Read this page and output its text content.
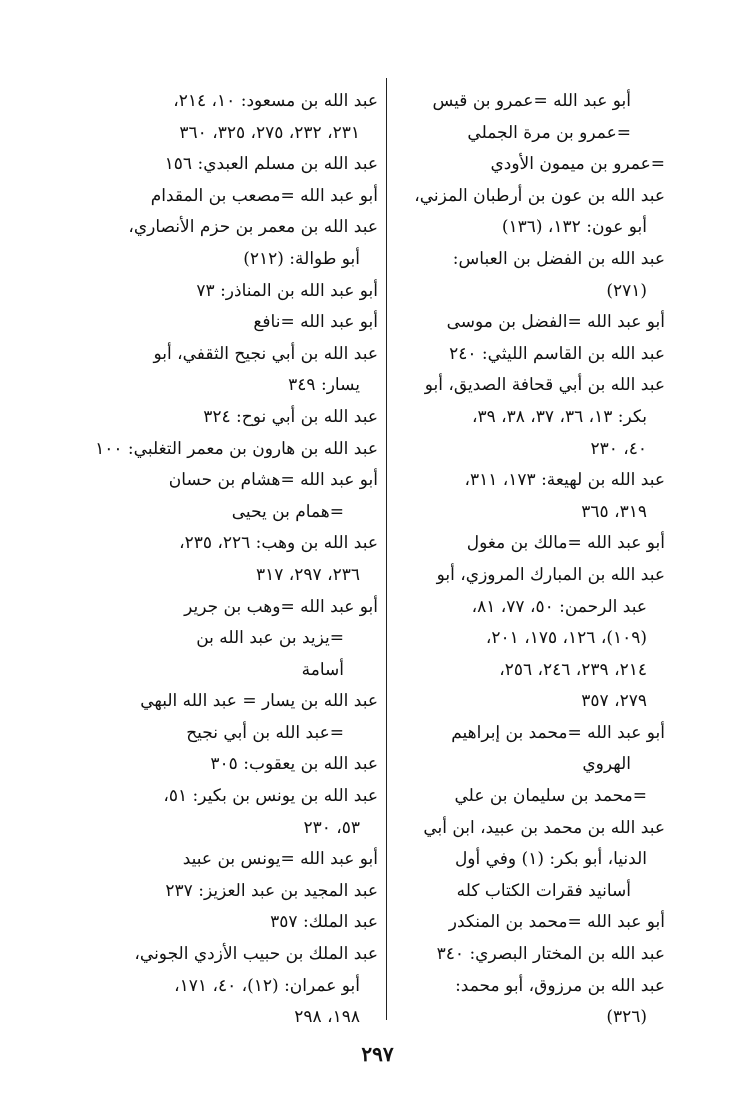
أبو عبد الله =عمرو بن قيس
=عمرو بن مرة الجملي
=عمرو بن ميمون الأودي
عبد الله بن عون بن أرطبان المزني،
أبو عون: ١٣٢، (١٣٦)
عبد الله بن الفضل بن العباس:
(٢٧١)
أبو عبد الله =الفضل بن موسى
عبد الله بن القاسم الليثي: ٢٤٠
عبد الله بن أبي قحافة الصديق، أبو
بكر: ١٣، ٣٦، ٣٧، ٣٨، ٣٩،
٤٠، ٢٣٠
عبد الله بن لهيعة: ١٧٣، ٣١١،
٣١٩، ٣٦٥
أبو عبد الله =مالك بن مغول
عبد الله بن المبارك المروزي، أبو
عبد الرحمن: ٥٠، ٧٧، ٨١،
(١٠٩)، ١٢٦، ١٧٥، ٢٠١،
٢١٤، ٢٣٩، ٢٤٦، ٢٥٦،
٢٧٩، ٣٥٧
أبو عبد الله =محمد بن إبراهيم
الهروي
=محمد بن سليمان بن علي
عبد الله بن محمد بن عبيد، ابن أبي
الدنيا، أبو بكر: (١) وفي أول
أسانيد فقرات الكتاب كله
أبو عبد الله =محمد بن المنكدر
عبد الله بن المختار البصري: ٣٤٠
عبد الله بن مرزوق، أبو محمد:
(٣٢٦)
عبد الله بن مسعود: ١٠، ٢١٤،
٢٣١، ٢٣٢، ٢٧٥، ٣٢٥، ٣٦٠
عبد الله بن مسلم العبدي: ١٥٦
أبو عبد الله =مصعب بن المقدام
عبد الله بن معمر بن حزم الأنصاري،
أبو طوالة: (٢١٢)
أبو عبد الله بن المناذر: ٧٣
أبو عبد الله =نافع
عبد الله بن أبي نجيح الثقفي، أبو
يسار: ٣٤٩
عبد الله بن أبي نوح: ٣٢٤
عبد الله بن هارون بن معمر التغلبي: ١٠٠
أبو عبد الله =هشام بن حسان
=همام بن يحيى
عبد الله بن وهب: ٢٢٦، ٢٣٥،
٢٣٦، ٢٩٧، ٣١٧
أبو عبد الله =وهب بن جرير
=يزيد بن عبد الله بن
أسامة
عبد الله بن يسار = عبد الله البهي
=عبد الله بن أبي نجيح
عبد الله بن يعقوب: ٣٠٥
عبد الله بن يونس بن بكير: ٥١،
٥٣، ٢٣٠
أبو عبد الله =يونس بن عبيد
عبد المجيد بن عبد العزيز: ٢٣٧
عبد الملك: ٣٥٧
عبد الملك بن حبيب الأزدي الجوني،
أبو عمران: (١٢)، ٤٠، ١٧١،
١٩٨، ٢٩٨
٢٩٧
